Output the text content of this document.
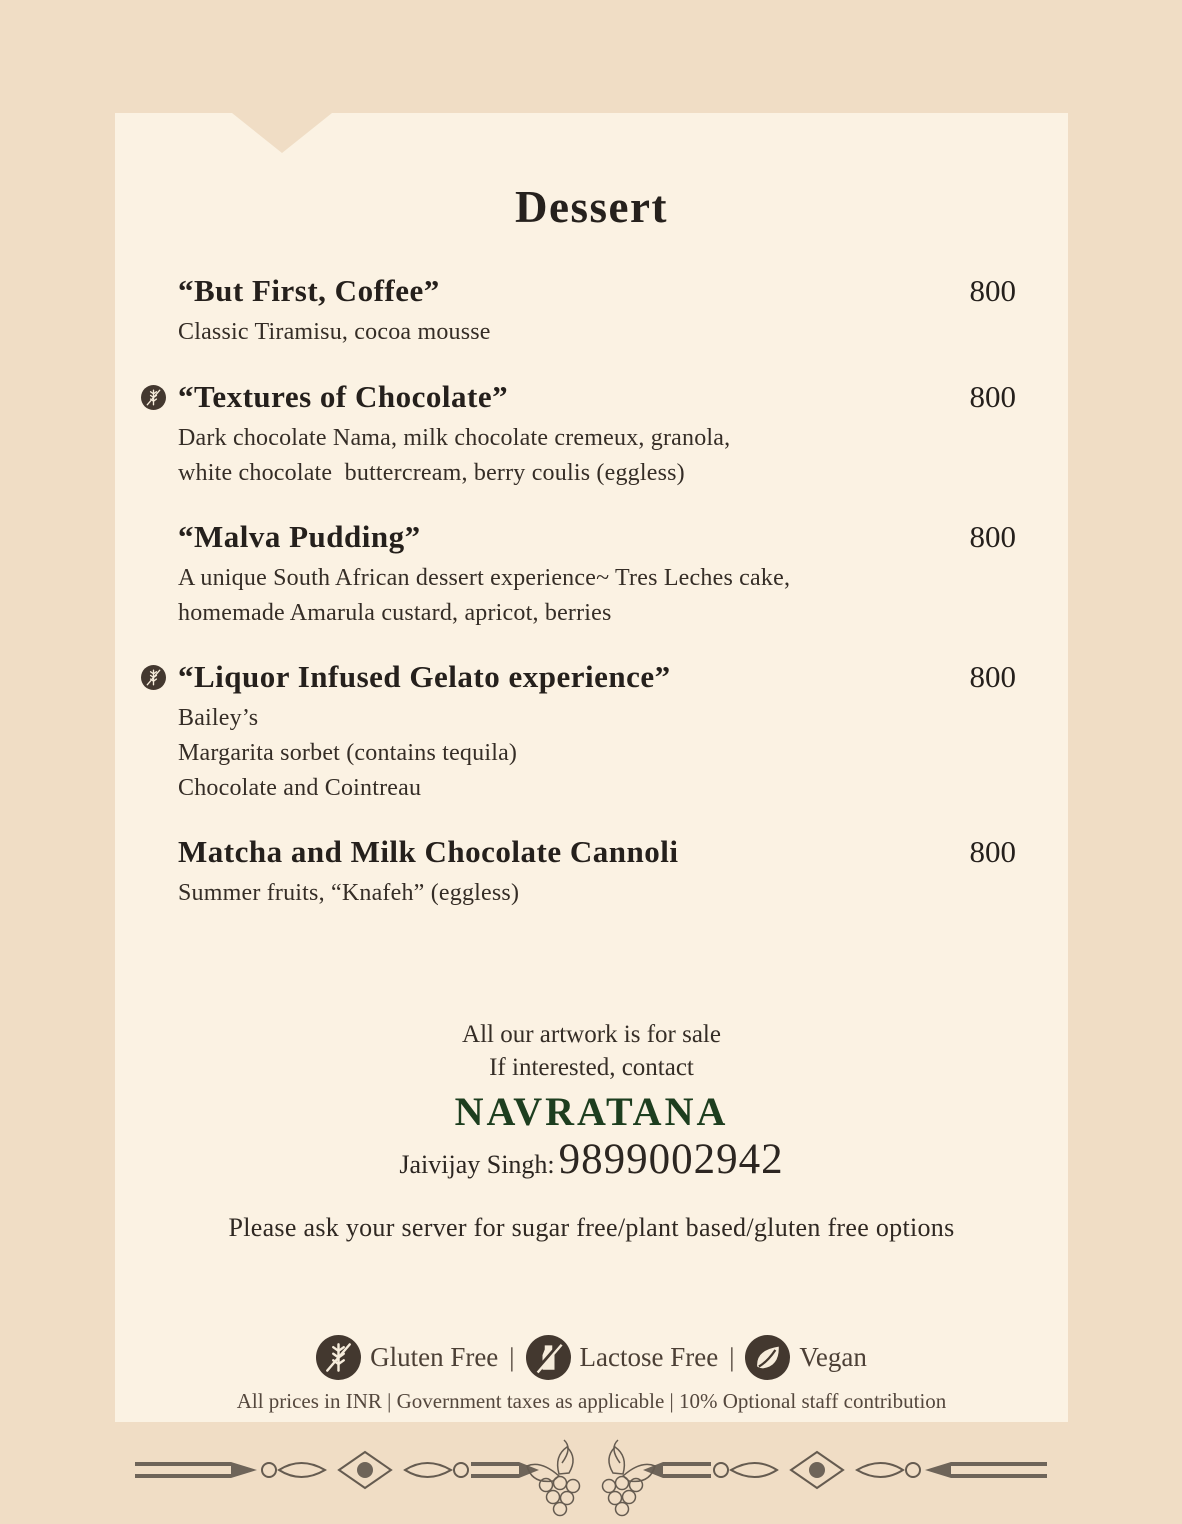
Dessert
“But First, Coffee”	800
Classic Tiramisu, cocoa mousse
“Textures of Chocolate”	800
Dark chocolate Nama, milk chocolate cremeux, granola,
white chocolate  buttercream, berry coulis (eggless)
“Malva Pudding”	800
A unique South African dessert experience~ Tres Leches cake,
homemade Amarula custard, apricot, berries
“Liquor Infused Gelato experience”	800
Bailey’s
Margarita sorbet (contains tequila)
Chocolate and Cointreau
Matcha and Milk Chocolate Cannoli	800
Summer fruits, “Knafeh” (eggless)
All our artwork is for sale
If interested, contact
NAVRATANA
Jaivijay Singh: 9899002942
Please ask your server for sugar free/plant based/gluten free options
Gluten Free | Lactose Free | Vegan
All prices in INR | Government taxes as applicable | 10% Optional staff contribution
